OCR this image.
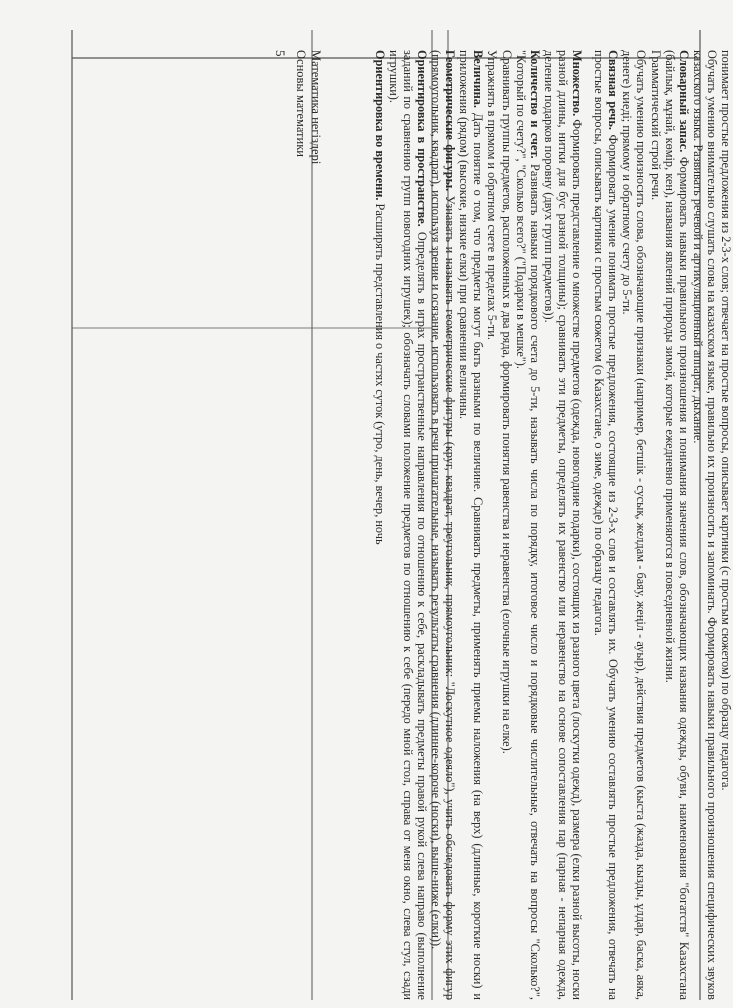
5 Математика негіздері
Основы математики	понимает простые предложения из 2-3-х слов; отвечает на простые вопросы, описывает картинки (с простым сюжетом) по образцу педагога.

Обучать умению внимательно слушать слова на казахском языке, правильно их произносить и запоминать. Формировать навыки правильного произношения специфических звуков казахского языка. Развивать речевой и артикуляционный аппарат, дыхание.

Словарный запас. Формировать навыки правильного произношения и понимания значения слов, обозначающих названия одежды, обуви, наименования "богатств" Казахстана (байлық, мұнай, көмір, кен), названия явлений природы зимой, которые ежедневно применяются в повседневной жизни.

Грамматический строй речи.

Обучать умению произносить слова, обозначающие признаки (например, бетшік - сусық, желдам - баяу, жеңіл - ауыр), действия предметов (кыста (жазда, кызды, ұлдар, баска, аяка, денеге) киеді; прямому и обратному счету до 5-ти.

Связная речь. Формировать умение понимать простые предложения, состоящие из 2-3-х слов и составлять их. Обучать умению составлять простые предложения, отвечать на простые вопросы, описывать картинки с простым сюжетом (о Казахстане, о зиме, одежде) по образцу педагога.

Множество. Формировать представление о множестве предметов (одежда, новогодние подарки), состоящих из разного цвета (лоскутки одежд), размера (елки разной высоты, носки разной длины, нитки для бус разной толщины); сравнивать эти предметы, определять их равенство или неравенство на основе сопоставления пар (парная - непарная одежда, деление подарков поровну (двух групп предметов)).

Количество и счет. Развивать навыки порядкового счета до 5-ти, называть числа по порядку, итоговое число и порядковые числительные, отвечать на вопросы "Сколько?", "Который по счету?", "Сколько всего?" ("Подарки в мешке").

Сравнивать группы предметов, расположенных в два ряда, формировать понятия равенства и неравенства (елочные игрушки на елке).

Упражнять в прямом и обратном счете в пределах 5-ти.

Величина. Дать понятие о том, что предметы могут быть разными по величине. Сравнивать предметы, применять приемы наложения (на верх) (длинные, короткие носки) и приложения (рядом) (высокие, низкие елки) при сравнении величины.

Геометрические фигуры. Узнавать и называть геометрические фигуры (круг, квадрат, треугольник, прямоугольник: "Лоскутное одеяло"), учить обследовать форму этих фигур (прямоугольник, квадрат), используя зрение и осязание, использовать в речи прилагательные, называть результаты сравнения (длиннее-короче (носки), выше-ниже (елки)).

Ориентировка в пространстве. Определять в играх пространственные направления по отношению к себе, раскладывать предметы правой рукой слева направо (выполнение заданий по сравнению групп новогодних игрушек); обозначать словами положение предметов по отношению к себе (передо мной стол, справа от меня окно, слева стул, сзади игрушки).

Ориентировка во времени. Расширять представления о частях суток (утро, день, вечер, ночь
